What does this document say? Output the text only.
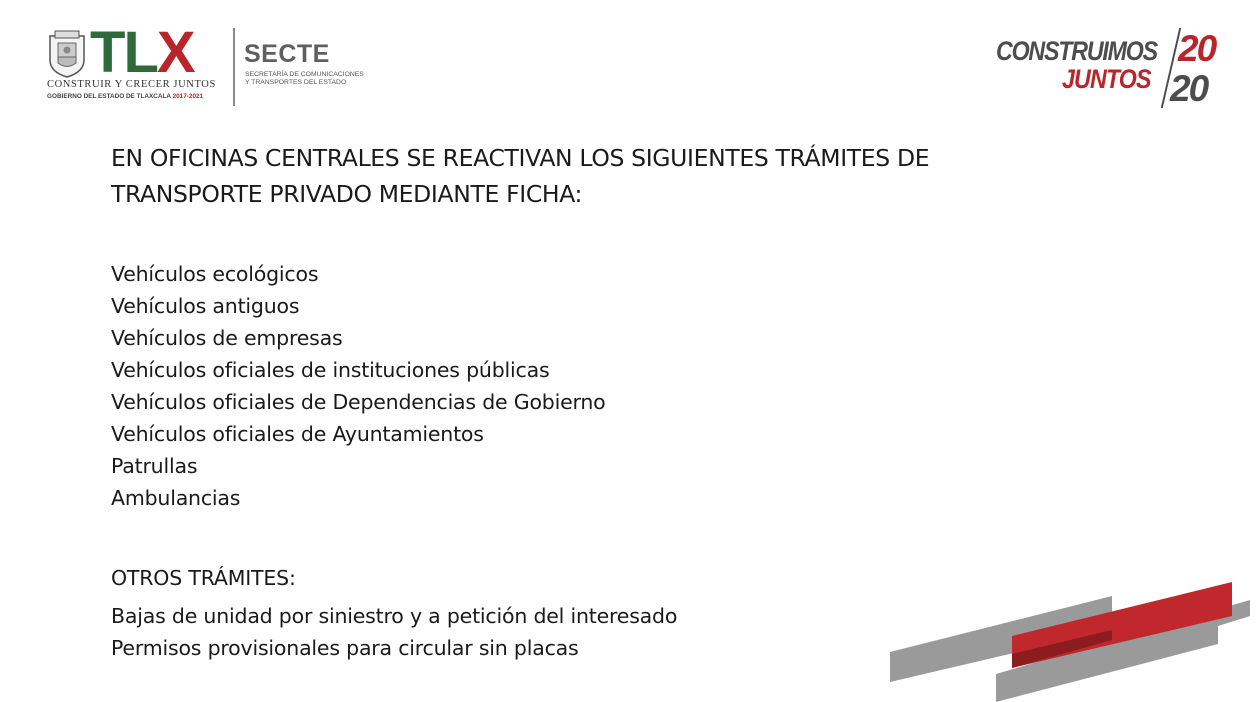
TLX
CONSTRUIR Y CRECER JUNTOS
GOBIERNO DEL ESTADO DE TLAXCALA 2017-2021
SECTE
SECRETARÍA DE COMUNICACIONES
Y TRANSPORTES DEL ESTADO
CONSTRUIMOS
JUNTOS
20
20
EN OFICINAS CENTRALES SE REACTIVAN LOS SIGUIENTES TRÁMITES DE
TRANSPORTE PRIVADO MEDIANTE FICHA:
Vehículos ecológicos
Vehículos antiguos
Vehículos de empresas
Vehículos oficiales de instituciones públicas
Vehículos oficiales de Dependencias de Gobierno
Vehículos oficiales de Ayuntamientos
Patrullas
Ambulancias
OTROS TRÁMITES:
Bajas de unidad por siniestro y a petición del interesado
Permisos provisionales para circular sin placas
